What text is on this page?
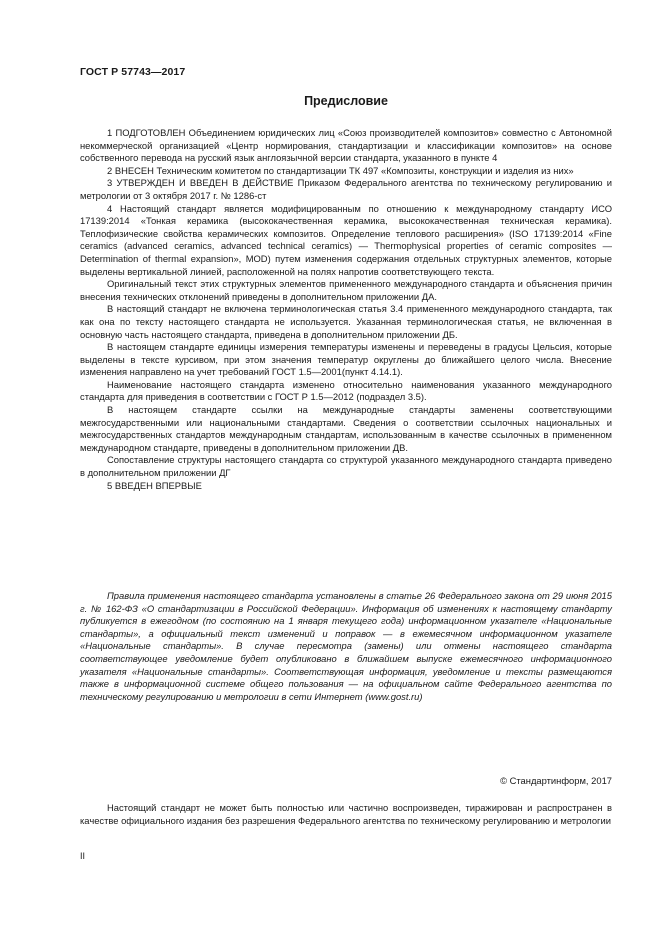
ГОСТ Р 57743—2017
Предисловие

1 ПОДГОТОВЛЕН Объединением юридических лиц «Союз производителей композитов» совместно с Автономной некоммерческой организацией «Центр нормирования, стандартизации и классификации композитов» на основе собственного перевода на русский язык англоязычной версии стандарта, указанного в пункте 4

2 ВНЕСЕН Техническим комитетом по стандартизации ТК 497 «Композиты, конструкции и изделия из них»

3 УТВЕРЖДЕН И ВВЕДЕН В ДЕЙСТВИЕ Приказом Федерального агентства по техническому регулированию и метрологии от 3 октября 2017 г. № 1286-ст

4 Настоящий стандарт является модифицированным по отношению к международному стандарту ИСО 17139:2014 «Тонкая керамика (высококачественная керамика, высококачественная техническая керамика). Теплофизические свойства керамических композитов. Определение теплового расширения» (ISO 17139:2014 «Fine ceramics (advanced ceramics, advanced technical ceramics) — Thermophysical properties of ceramic composites — Determination of thermal expansion», MOD) путем изменения содержания отдельных структурных элементов, которые выделены вертикальной линией, расположенной на полях напротив соответствующего текста.

Оригинальный текст этих структурных элементов примененного международного стандарта и объяснения причин внесения технических отклонений приведены в дополнительном приложении ДА.

В настоящий стандарт не включена терминологическая статья 3.4 примененного международного стандарта, так как она по тексту настоящего стандарта не используется. Указанная терминологическая статья, не включенная в основную часть настоящего стандарта, приведена в дополнительном приложении ДБ.

В настоящем стандарте единицы измерения температуры изменены и переведены в градусы Цельсия, которые выделены в тексте курсивом, при этом значения температур округлены до ближайшего целого числа. Внесение изменения направлено на учет требований ГОСТ 1.5—2001(пункт 4.14.1).

Наименование настоящего стандарта изменено относительно наименования указанного международного стандарта для приведения в соответствии с ГОСТ Р 1.5—2012 (подраздел 3.5).

В настоящем стандарте ссылки на международные стандарты заменены соответствующими межгосударственными или национальными стандартами. Сведения о соответствии ссылочных национальных и межгосударственных стандартов международным стандартам, использованным в качестве ссылочных в примененном международном стандарте, приведены в дополнительном приложении ДВ.

Сопоставление структуры настоящего стандарта со структурой указанного международного стандарта приведено в дополнительном приложении ДГ

5 ВВЕДЕН ВПЕРВЫЕ

Правила применения настоящего стандарта установлены в статье 26 Федерального закона от 29 июня 2015 г. № 162-ФЗ «О стандартизации в Российской Федерации». Информация об изменениях к настоящему стандарту публикуется в ежегодном (по состоянию на 1 января текущего года) информационном указателе «Национальные стандарты», а официальный текст изменений и поправок — в ежемесячном информационном указателе «Национальные стандарты». В случае пересмотра (замены) или отмены настоящего стандарта соответствующее уведомление будет опубликовано в ближайшем выпуске ежемесячного информационного указателя «Национальные стандарты». Соответствующая информация, уведомление и тексты размещаются также в информационной системе общего пользования — на официальном сайте Федерального агентства по техническому регулированию и метрологии в сети Интернет (www.gost.ru)

© Стандартинформ, 2017

Настоящий стандарт не может быть полностью или частично воспроизведен, тиражирован и распространен в качестве официального издания без разрешения Федерального агентства по техническому регулированию и метрологии

II
